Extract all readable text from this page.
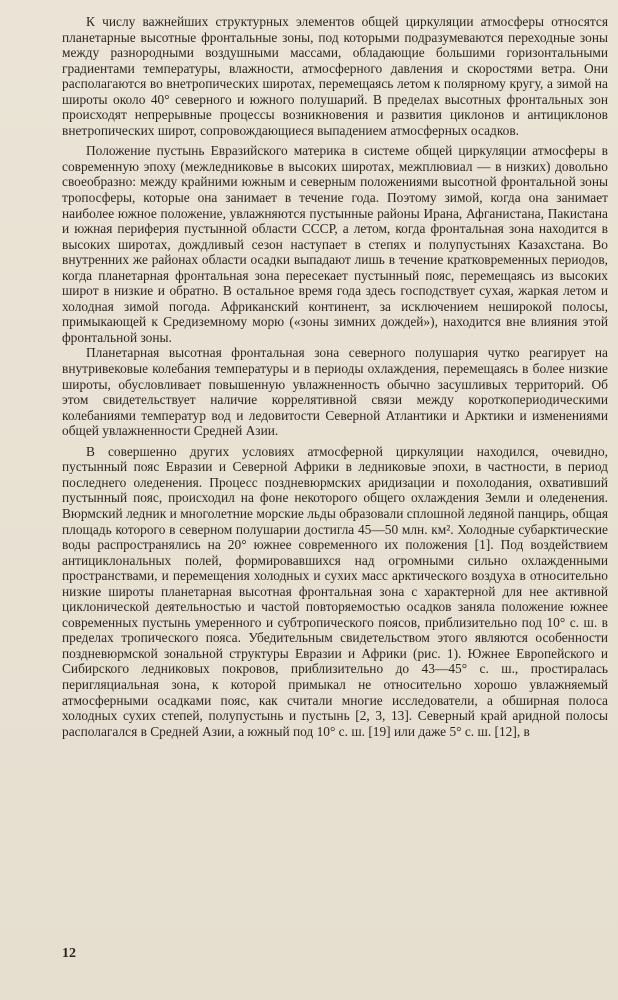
К числу важнейших структурных элементов общей циркуляции атмосферы относятся планетарные высотные фронтальные зоны, под которыми подразумеваются переходные зоны между разнородными воздушными массами, обладающие большими горизонтальными градиентами температуры, влажности, атмосферного давления и скоростями ветра. Они располагаются во внетропических широтах, перемещаясь летом к полярному кругу, а зимой на широты около 40° северного и южного полушарий. В пределах высотных фронтальных зон происходят непрерывные процессы возникновения и развития циклонов и антициклонов внетропических широт, сопровождающиеся выпадением атмосферных осадков.

Положение пустынь Евразийского материка в системе общей циркуляции атмосферы в современную эпоху (межледниковье в высоких широтах, межплювиал — в низких) довольно своеобразно: между крайними южным и северным положениями высотной фронтальной зоны тропосферы, которые она занимает в течение года. Поэтому зимой, когда она занимает наиболее южное положение, увлажняются пустынные районы Ирана, Афганистана, Пакистана и южная периферия пустынной области СССР, а летом, когда фронтальная зона находится в высоких широтах, дождливый сезон наступает в степях и полупустынях Казахстана. Во внутренних же районах области осадки выпадают лишь в течение кратковременных периодов, когда планетарная фронтальная зона пересекает пустынный пояс, перемещаясь из высоких широт в низкие и обратно. В остальное время года здесь господствует сухая, жаркая летом и холодная зимой погода. Африканский континент, за исключением неширокой полосы, примыкающей к Средиземному морю («зоны зимних дождей»), находится вне влияния этой фронтальной зоны.

Планетарная высотная фронтальная зона северного полушария чутко реагирует на внутривековые колебания температуры и в периоды охлаждения, перемещаясь в более низкие широты, обусловливает повышенную увлажненность обычно засушливых территорий. Об этом свидетельствует наличие коррелятивной связи между короткопериодическими колебаниями температур вод и ледовитости Северной Атлантики и Арктики и изменениями общей увлажненности Средней Азии.

В совершенно других условиях атмосферной циркуляции находился, очевидно, пустынный пояс Евразии и Северной Африки в ледниковые эпохи, в частности, в период последнего оледенения. Процесс поздневюрмских аридизации и похолодания, охвативший пустынный пояс, происходил на фоне некоторого общего охлаждения Земли и оледенения. Вюрмский ледник и многолетние морские льды образовали сплошной ледяной панцирь, общая площадь которого в северном полушарии достигла 45—50 млн. км². Холодные субарктические воды распространялись на 20° южнее современного их положения [1]. Под воздействием антициклональных полей, формировавшихся над огромными сильно охлажденными пространствами, и перемещения холодных и сухих масс арктического воздуха в относительно низкие широты планетарная высотная фронтальная зона с характерной для нее активной циклонической деятельностью и частой повторяемостью осадков заняла положение южнее современных пустынь умеренного и субтропического поясов, приблизительно под 10° с. ш. в пределах тропического пояса. Убедительным свидетельством этого являются особенности поздневюрмской зональной структуры Евразии и Африки (рис. 1). Южнее Европейского и Сибирского ледниковых покровов, приблизительно до 43—45° с. ш., простиралась перигляциальная зона, к которой примыкал не относительно хорошо увлажняемый атмосферными осадками пояс, как считали многие исследователи, а обширная полоса холодных сухих степей, полупустынь и пустынь [2, 3, 13]. Северный край аридной полосы располагался в Средней Азии, а южный под 10° с. ш. [19] или даже 5° с. ш. [12], в

12
